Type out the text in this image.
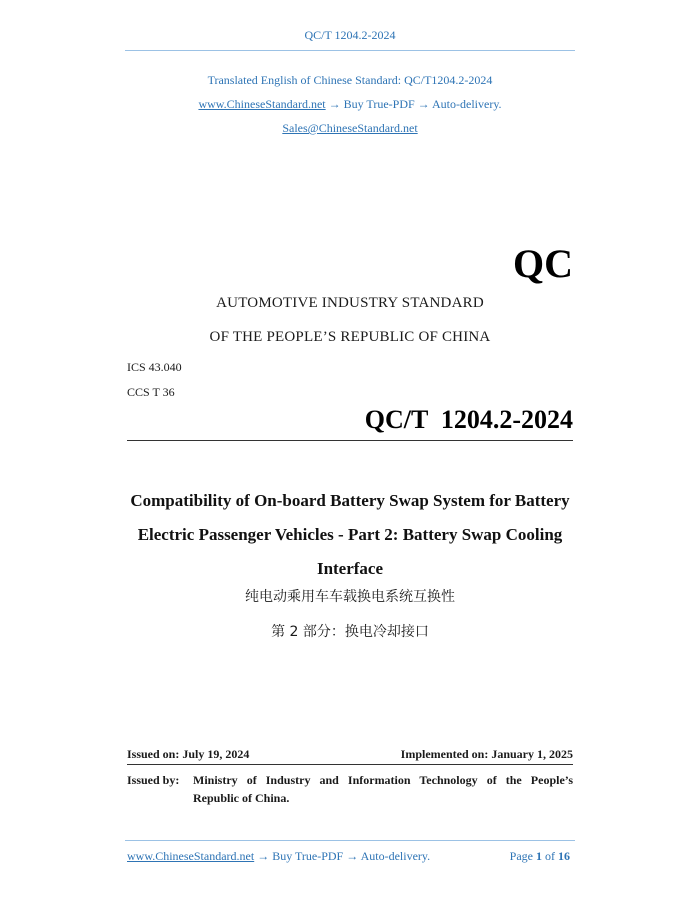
QC/T 1204.2-2024
Translated English of Chinese Standard: QC/T1204.2-2024
www.ChineseStandard.net → Buy True-PDF → Auto-delivery.
Sales@ChineseStandard.net
QC
AUTOMOTIVE INDUSTRY STANDARD
OF THE PEOPLE’S REPUBLIC OF CHINA
ICS 43.040
CCS T 36
QC/T  1204.2-2024
Compatibility of On-board Battery Swap System for Battery
Electric Passenger Vehicles - Part 2: Battery Swap Cooling
Interface
纯电动乘用车车载换电系统互换性
第 2 部分：换电冷却接口
Issued on: July 19, 2024	Implemented on: January 1, 2025
Issued by: Ministry of Industry and Information Technology of the People’s
Republic of China.
www.ChineseStandard.net → Buy True-PDF → Auto-delivery.	Page 1 of 16
